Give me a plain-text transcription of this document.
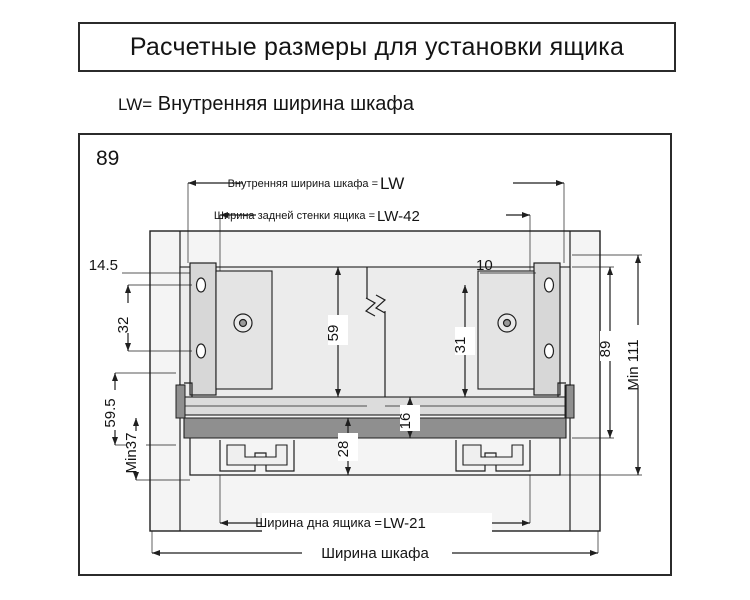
Расчетные размеры для установки ящика
LW= Внутренняя ширина шкафа
89
Внутренняя ширина шкафа = LW
Ширина задней стенки ящика = LW-42
Ширина дна ящика = LW-21
Ширина шкафа
14.5
32
59.5
Min37
59
28
10
31
16
89 Min 111
